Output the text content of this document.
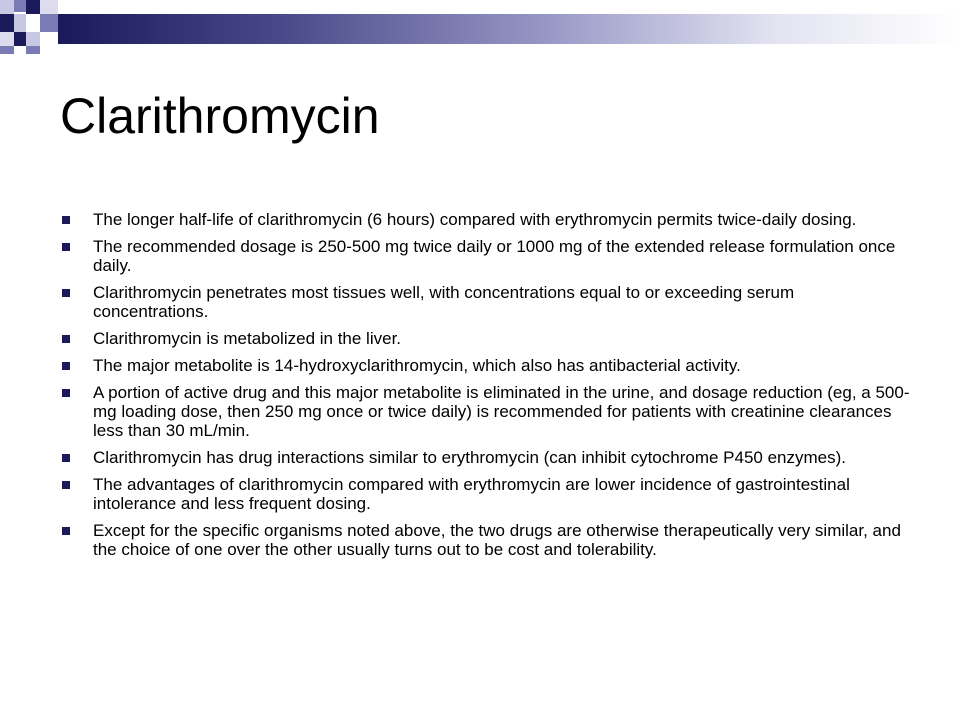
Clarithromycin
The longer half-life of clarithromycin (6 hours) compared with erythromycin permits twice-daily dosing.
The recommended dosage is 250-500 mg twice daily or 1000 mg of the extended release formulation once daily.
Clarithromycin penetrates most tissues well, with concentrations equal to or exceeding serum concentrations.
Clarithromycin is metabolized in the liver.
The major metabolite is 14-hydroxyclarithromycin, which also has antibacterial activity.
A portion of active drug and this major metabolite is eliminated in the urine, and dosage reduction (eg, a 500-mg loading dose, then 250 mg once or twice daily) is recommended for patients with creatinine clearances less than 30 mL/min.
Clarithromycin has drug interactions similar to erythromycin (can inhibit cytochrome P450 enzymes).
The advantages of clarithromycin compared with erythromycin are lower incidence of gastrointestinal intolerance and less frequent dosing.
Except for the specific organisms noted above, the two drugs are otherwise therapeutically very similar, and the choice of one over the other usually turns out to be cost and tolerability.
